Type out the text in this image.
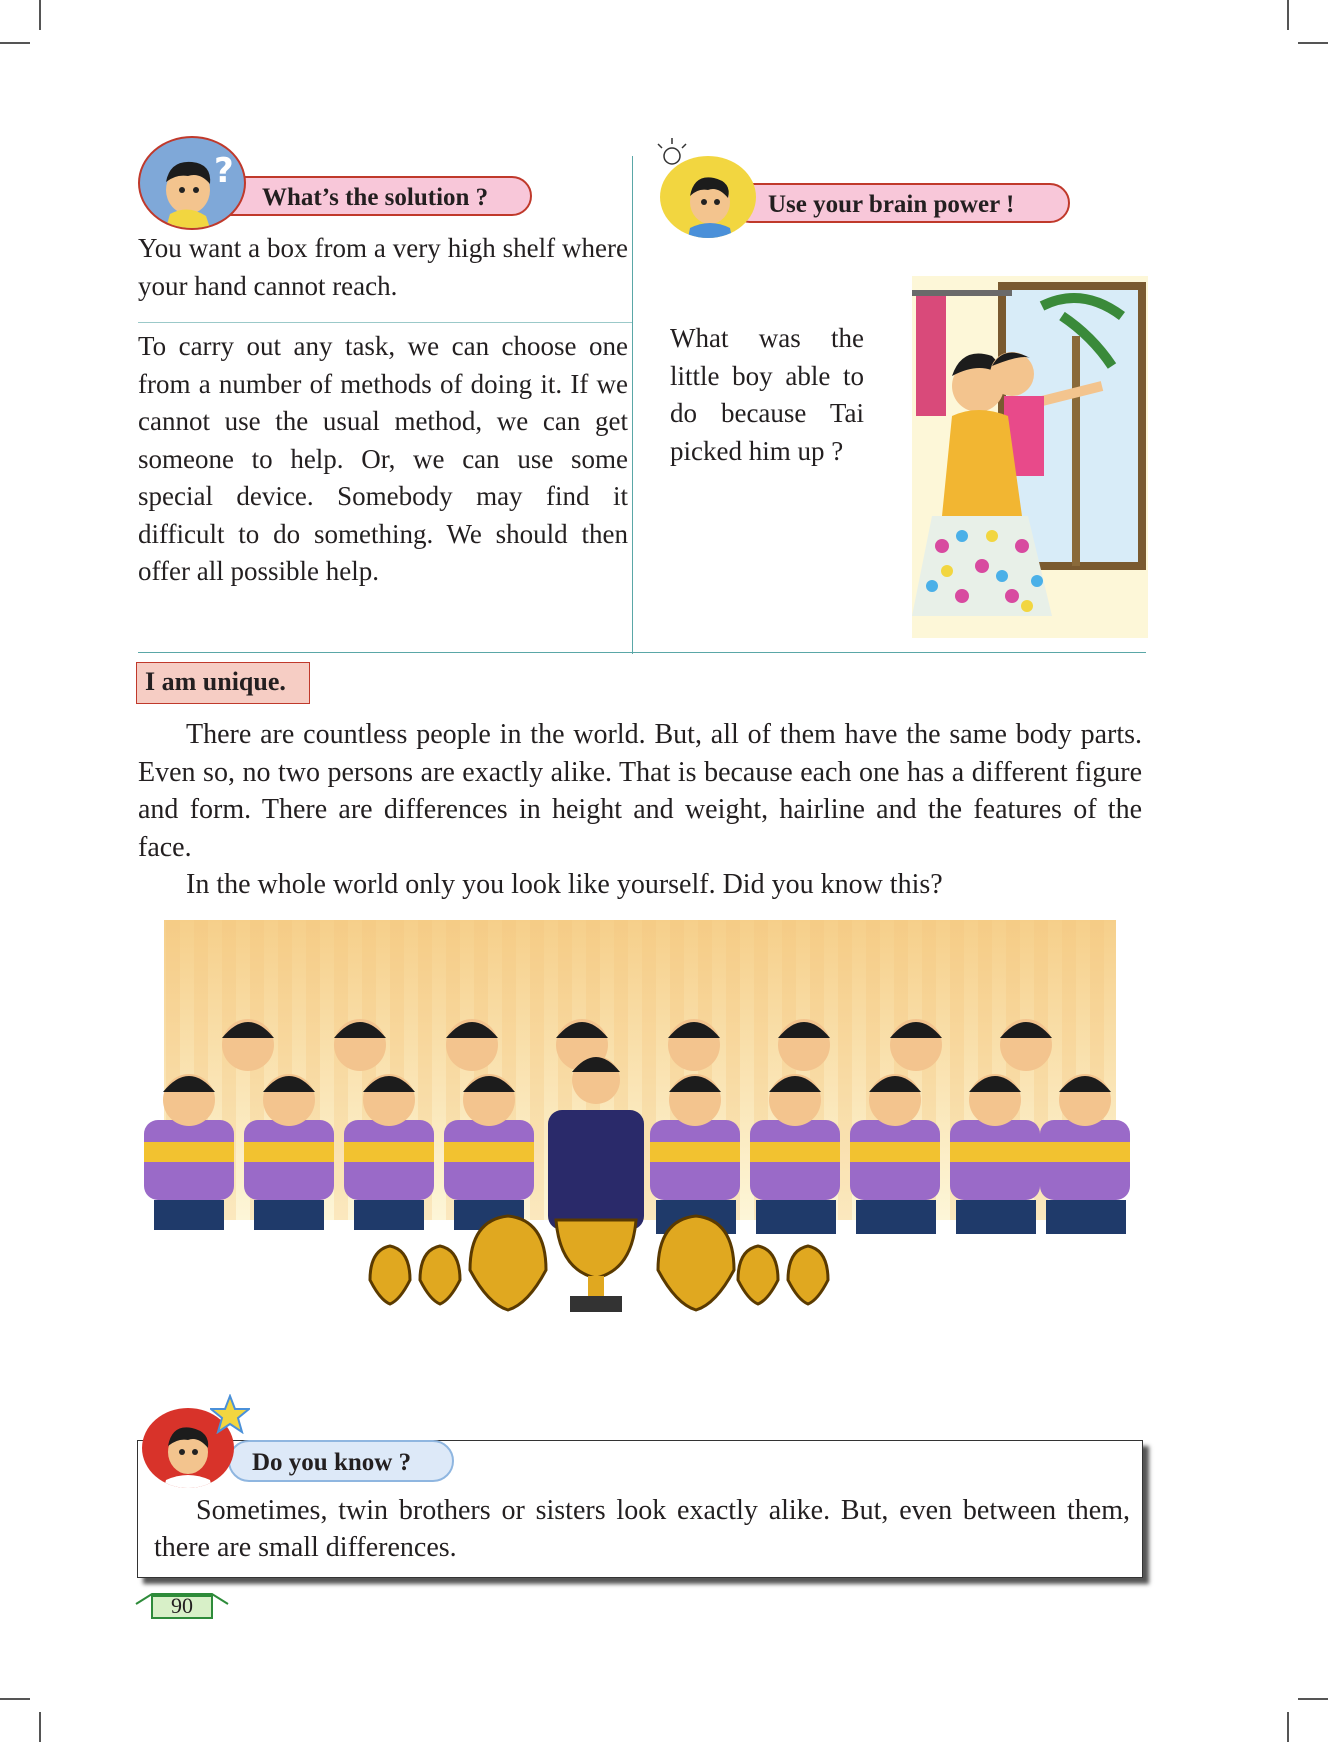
What’s the solution ?
?
You want a box from a very high shelf where your hand cannot reach.
To carry out any task, we can choose one from a number of methods of doing it. If we cannot use the usual method, we can get someone to help. Or, we can use some special device. Somebody may find it difficult to do something. We should then offer all possible help.
Use your brain power !
What was the little boy able to do because Tai picked him up ?
I am unique.

There are countless people in the world. But, all of them have the same body parts. Even so, no two persons are exactly alike. That is because each one has a different figure and form. There are differences in height and weight, hairline and the features of the face.

In the whole world only you look like yourself. Did you know this?

Do you know ?
Sometimes, twin brothers or sisters look exactly alike. But, even between them, there are small differences.
90
